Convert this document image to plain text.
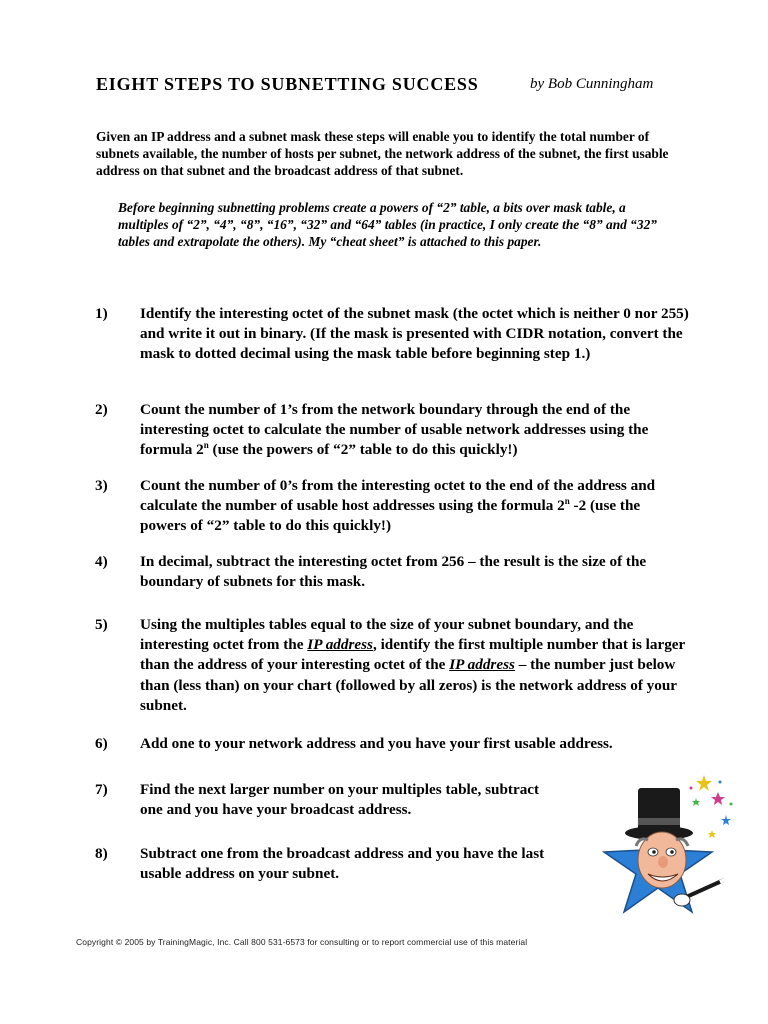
EIGHT STEPS TO SUBNETTING SUCCESS	by Bob Cunningham
Given an IP address and a subnet mask these steps will enable you to identify the total number of subnets available, the number of hosts per subnet, the network address of the subnet, the first usable address on that subnet and the broadcast address of that subnet.
Before beginning subnetting problems create a powers of “2” table, a bits over mask table, a multiples of “2”, “4”, “8”, “16”, “32” and “64” tables (in practice, I only create the “8” and “32” tables and extrapolate the others). My “cheat sheet” is attached to this paper.
1)	Identify the interesting octet of the subnet mask (the octet which is neither 0 nor 255) and write it out in binary. (If the mask is presented with CIDR notation, convert the mask to dotted decimal using the mask table before beginning step 1.)
2)	Count the number of 1’s from the network boundary through the end of the interesting octet to calculate the number of usable network addresses using the formula 2$^n$ (use the powers of “2” table to do this quickly!)
3)	Count the number of 0’s from the interesting octet to the end of the address and calculate the number of usable host addresses using the formula 2$^n$ -2 (use the powers of “2” table to do this quickly!)
4)	In decimal, subtract the interesting octet from 256 – the result is the size of the boundary of subnets for this mask.
5)	Using the multiples tables equal to the size of your subnet boundary, and the interesting octet from the IP address, identify the first multiple number that is larger than the address of your interesting octet of the IP address – the number just below than (less than) on your chart (followed by all zeros) is the network address of your subnet.
6)	Add one to your network address and you have your first usable address.
7)	Find the next larger number on your multiples table, subtract one and you have your broadcast address.
8)	Subtract one from the broadcast address and you have the last usable address on your subnet.
Copyright © 2005 by TrainingMagic, Inc. Call 800 531-6573 for consulting or to report commercial use of this material
